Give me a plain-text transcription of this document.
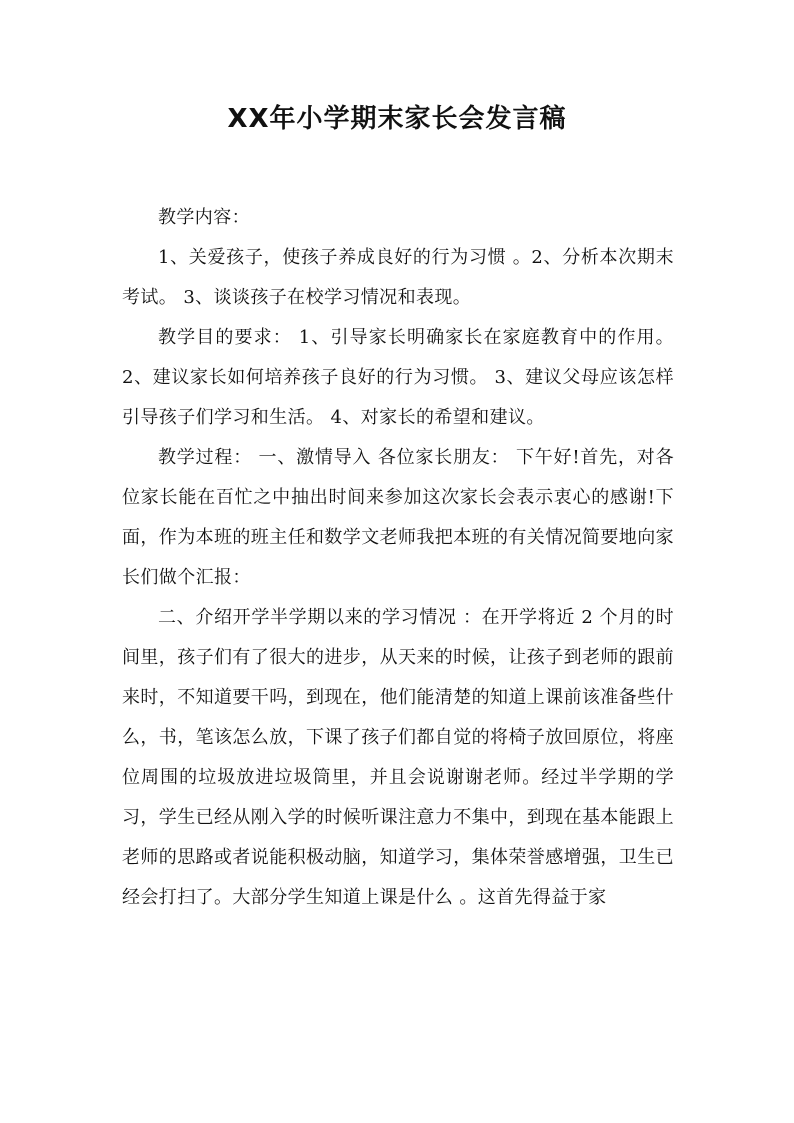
XX年小学期末家长会发言稿

教学内容：

1、关爱孩子，使孩子养成良好的行为习惯 。2、分析本次期末考试。 3、谈谈孩子在校学习情况和表现。

教学目的要求： 1、引导家长明确家长在家庭教育中的作用。 2、建议家长如何培养孩子良好的行为习惯。 3、建议父母应该怎样引导孩子们学习和生活。 4、对家长的希望和建议。

教学过程： 一、激情导入 各位家长朋友： 下午好!首先，对各位家长能在百忙之中抽出时间来参加这次家长会表示衷心的感谢!下面，作为本班的班主任和数学文老师我把本班的有关情况简要地向家长们做个汇报：

二、介绍开学半学期以来的学习情况 ：在开学将近 2 个月的时间里，孩子们有了很大的进步，从天来的时候，让孩子到老师的跟前来时，不知道要干吗，到现在，他们能清楚的知道上课前该准备些什么，书，笔该怎么放，下课了孩子们都自觉的将椅子放回原位，将座位周围的垃圾放进垃圾筒里，并且会说谢谢老师。经过半学期的学习，学生已经从刚入学的时候听课注意力不集中，到现在基本能跟上老师的思路或者说能积极动脑，知道学习，集体荣誉感增强，卫生已经会打扫了。大部分学生知道上课是什么 。这首先得益于家
